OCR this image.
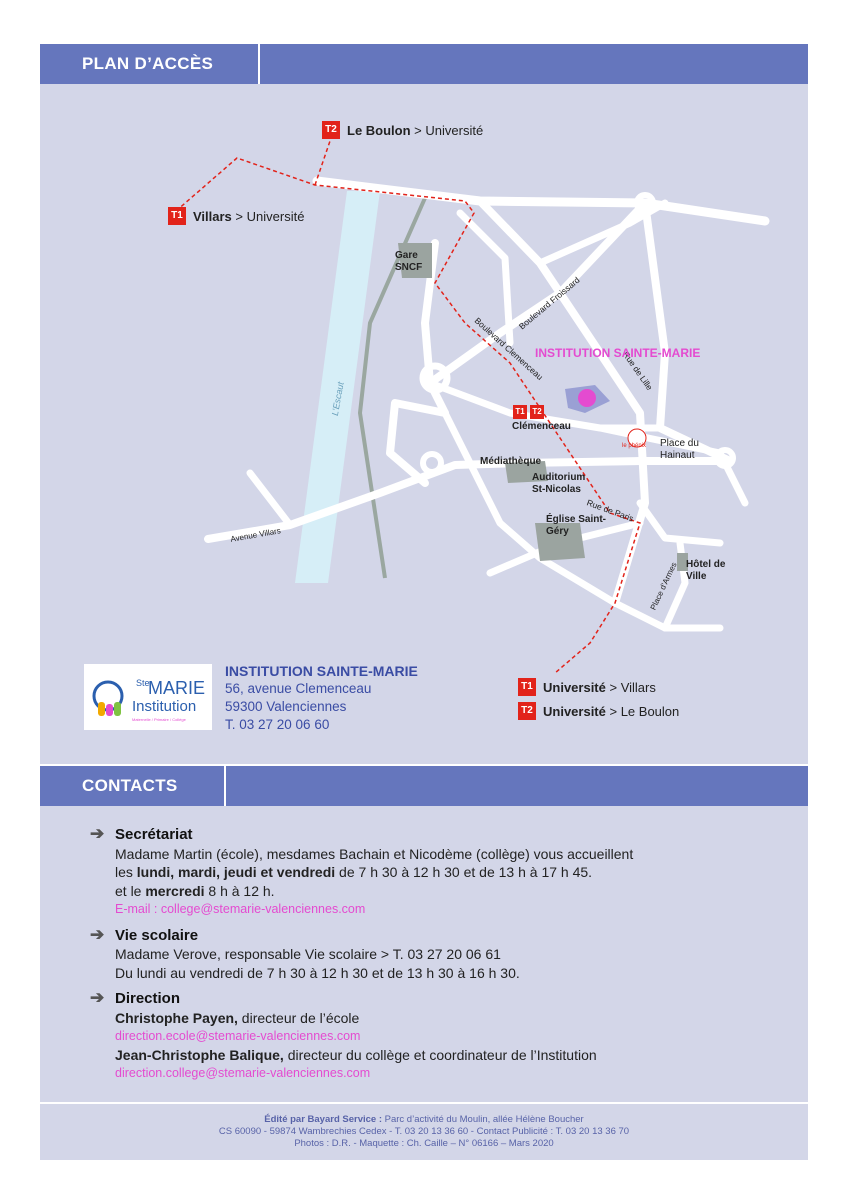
PLAN D’ACCÈS
T2 Le Boulon > Université
T1 Villars > Université
Gare SNCF
Boulevard Froissard
Boulevard Clemenceau	Rue de Lille
L’Escaut
INSTITUTION SAINTE-MARIE
T1 T2
Clémenceau
le phénix	Place du Hainaut
Médiathèque
Auditorium St-Nicolas
Rue de Paris
Église Saint-Géry
Avenue Villars
Place d’Armes Hôtel de Ville
Ste
MARIE
Institution
Maternelle / Primaire / Collège
INSTITUTION SAINTE-MARIE
56, avenue Clemenceau
59300 Valenciennes
T. 03 27 20 06 60
T1 Université > Villars
T2 Université > Le Boulon
CONTACTS
➔ Secrétariat
Madame Martin (école), mesdames Bachain et Nicodème (collège) vous accueillent
les lundi, mardi, jeudi et vendredi de 7 h 30 à 12 h 30 et de 13 h à 17 h 45.
et le mercredi 8 h à 12 h.
E-mail : college@stemarie-valenciennes.com
➔ Vie scolaire
Madame Verove, responsable Vie scolaire > T. 03 27 20 06 61
Du lundi au vendredi de 7 h 30 à 12 h 30 et de 13 h 30 à 16 h 30.
➔ Direction
Christophe Payen, directeur de l’école
direction.ecole@stemarie-valenciennes.com
Jean-Christophe Balique, directeur du collège et coordinateur de l’Institution
direction.college@stemarie-valenciennes.com
Édité par Bayard Service : Parc d’activité du Moulin, allée Hélène Boucher
CS 60090 - 59874 Wambrechies Cedex - T. 03 20 13 36 60 - Contact Publicité : T. 03 20 13 36 70
Photos : D.R. - Maquette : Ch. Caille – N° 06166 – Mars 2020
